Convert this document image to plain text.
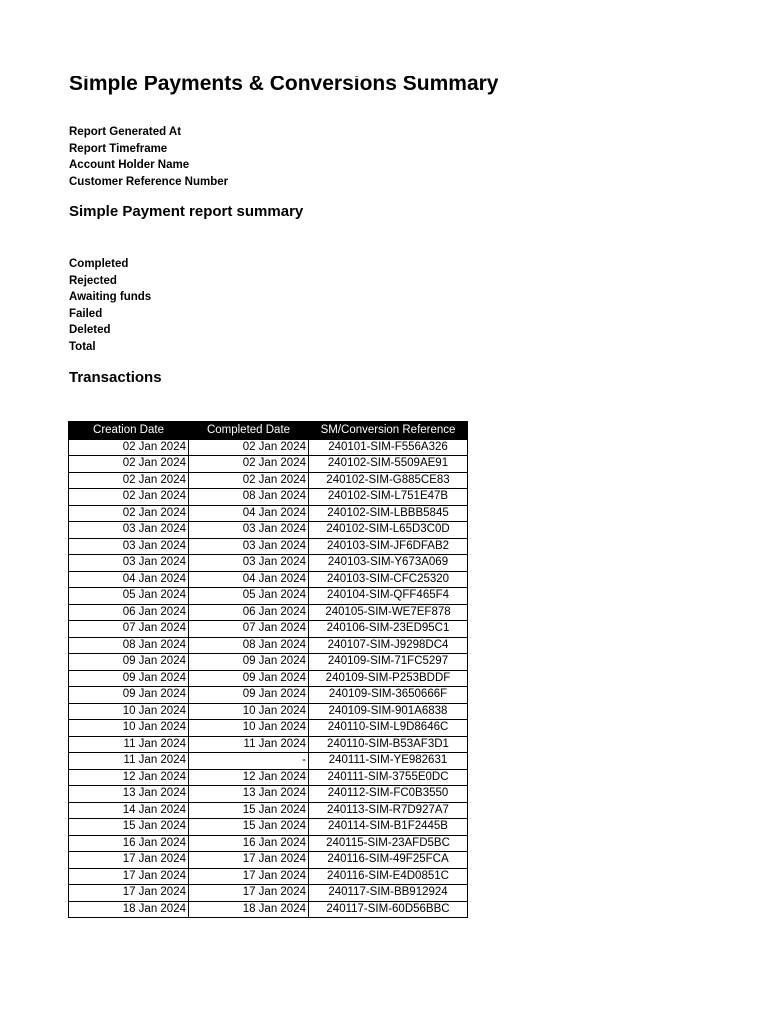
Simple Payments & Conversions Summary
Report Generated At
Report Timeframe
Account Holder Name
Customer Reference Number
Simple Payment report summary
Completed
Rejected
Awaiting funds
Failed
Deleted
Total
Transactions
Creation Date	Completed Date	SM/Conversion Reference
02 Jan 2024	02 Jan 2024	240101-SIM-F556A326
02 Jan 2024	02 Jan 2024	240102-SIM-5509AE91
02 Jan 2024	02 Jan 2024	240102-SIM-G885CE83
02 Jan 2024	08 Jan 2024	240102-SIM-L751E47B
02 Jan 2024	04 Jan 2024	240102-SIM-LBBB5845
03 Jan 2024	03 Jan 2024	240102-SIM-L65D3C0D
03 Jan 2024	03 Jan 2024	240103-SIM-JF6DFAB2
03 Jan 2024	03 Jan 2024	240103-SIM-Y673A069
04 Jan 2024	04 Jan 2024	240103-SIM-CFC25320
05 Jan 2024	05 Jan 2024	240104-SIM-QFF465F4
06 Jan 2024	06 Jan 2024	240105-SIM-WE7EF878
07 Jan 2024	07 Jan 2024	240106-SIM-23ED95C1
08 Jan 2024	08 Jan 2024	240107-SIM-J9298DC4
09 Jan 2024	09 Jan 2024	240109-SIM-71FC5297
09 Jan 2024	09 Jan 2024	240109-SIM-P253BDDF
09 Jan 2024	09 Jan 2024	240109-SIM-3650666F
10 Jan 2024	10 Jan 2024	240109-SIM-901A6838
10 Jan 2024	10 Jan 2024	240110-SIM-L9D8646C
11 Jan 2024	11 Jan 2024	240110-SIM-B53AF3D1
11 Jan 2024	-	240111-SIM-YE982631
12 Jan 2024	12 Jan 2024	240111-SIM-3755E0DC
13 Jan 2024	13 Jan 2024	240112-SIM-FC0B3550
14 Jan 2024	15 Jan 2024	240113-SIM-R7D927A7
15 Jan 2024	15 Jan 2024	240114-SIM-B1F2445B
16 Jan 2024	16 Jan 2024	240115-SIM-23AFD5BC
17 Jan 2024	17 Jan 2024	240116-SIM-49F25FCA
17 Jan 2024	17 Jan 2024	240116-SIM-E4D0851C
17 Jan 2024	17 Jan 2024	240117-SIM-BB912924
18 Jan 2024	18 Jan 2024	240117-SIM-60D56BBC
